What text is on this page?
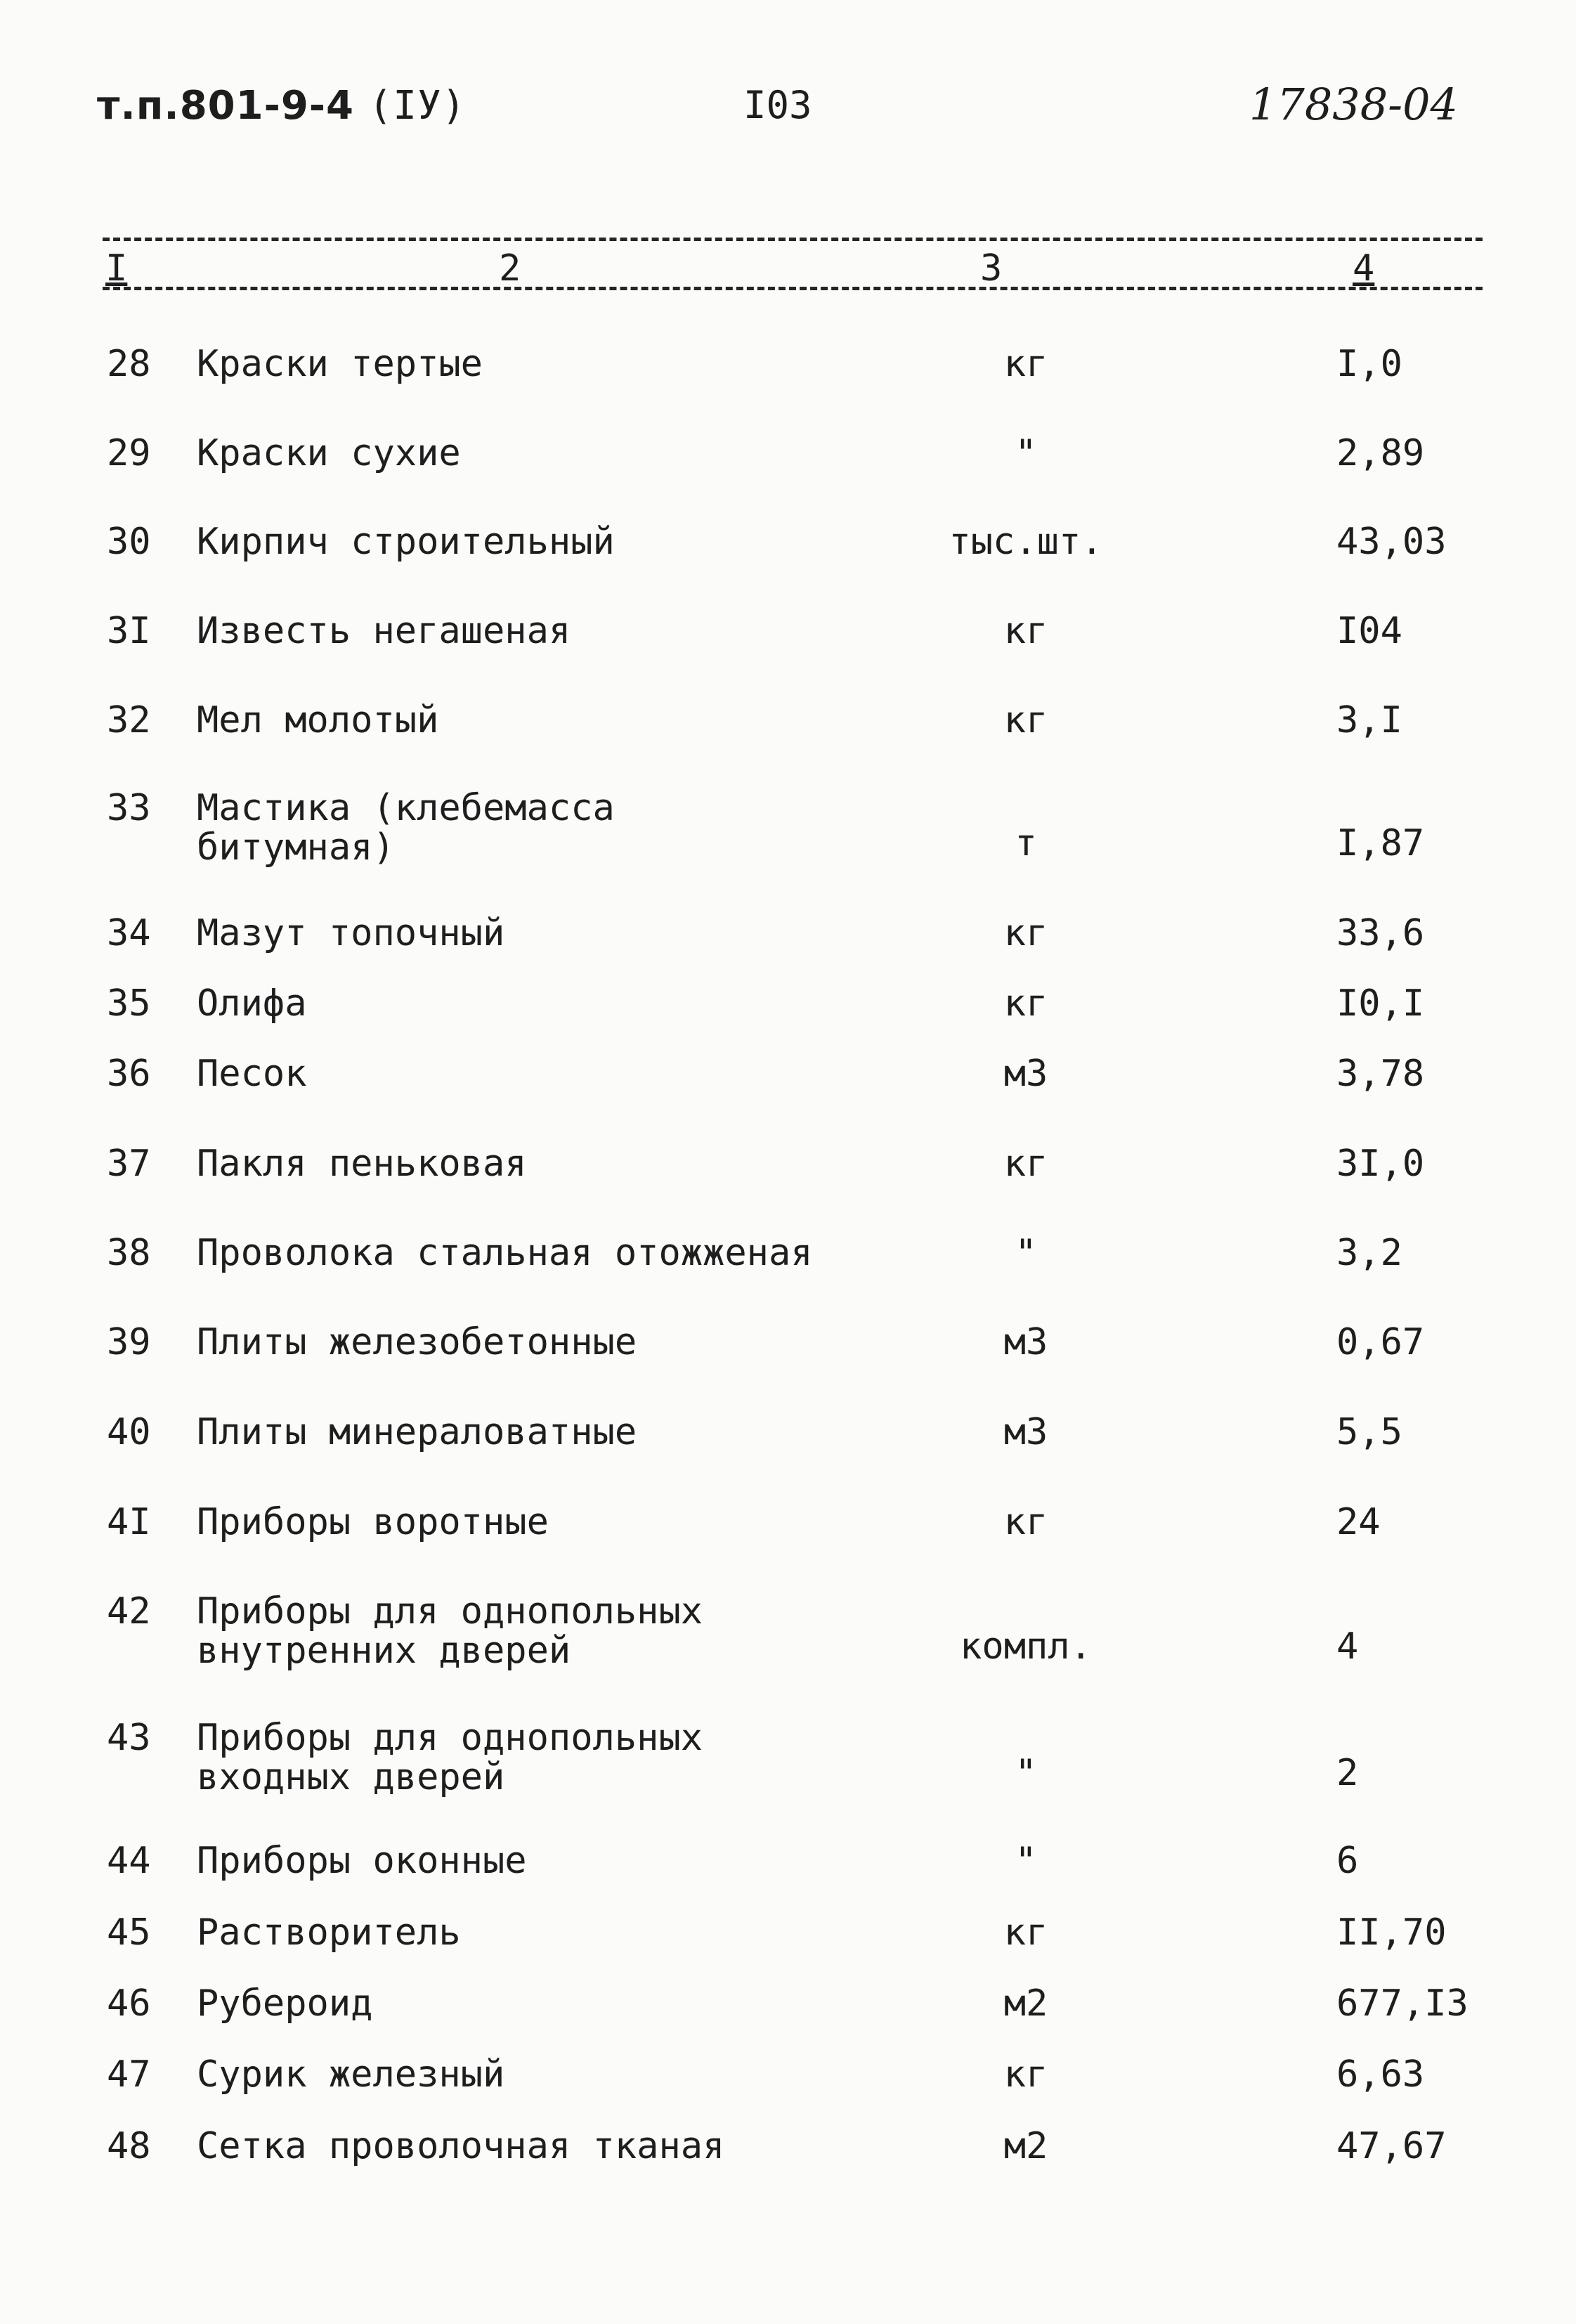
т.п.801-9-4 (IУ)	I03	17838-04
I	2	3	4
28 Краски тертые	кг	I,0
29 Краски сухие	"	2,89
30 Кирпич строительный	тыс.шт.	43,03
3I Известь негашеная	кг	I04
32 Мел молотый	кг	3,I
33 Мастика (клебемасса
битумная)	т	I,87
34 Мазут топочный	кг	33,6
35 Олифа	кг	I0,I
36 Песок	м3	3,78
37 Пакля пеньковая	кг	3I,0
38 Проволока стальная отожженая	"	3,2
39 Плиты железобетонные	м3	0,67
40 Плиты минераловатные	м3	5,5
4I Приборы воротные	кг	24
42 Приборы для однопольных
внутренних дверей	компл.	4
43 Приборы для однопольных
входных дверей	"	2
44 Приборы оконные	"	6
45 Растворитель	кг	II,70
46 Рубероид	м2	677,I3
47 Сурик железный	кг	6,63
48 Сетка проволочная тканая	м2	47,67
